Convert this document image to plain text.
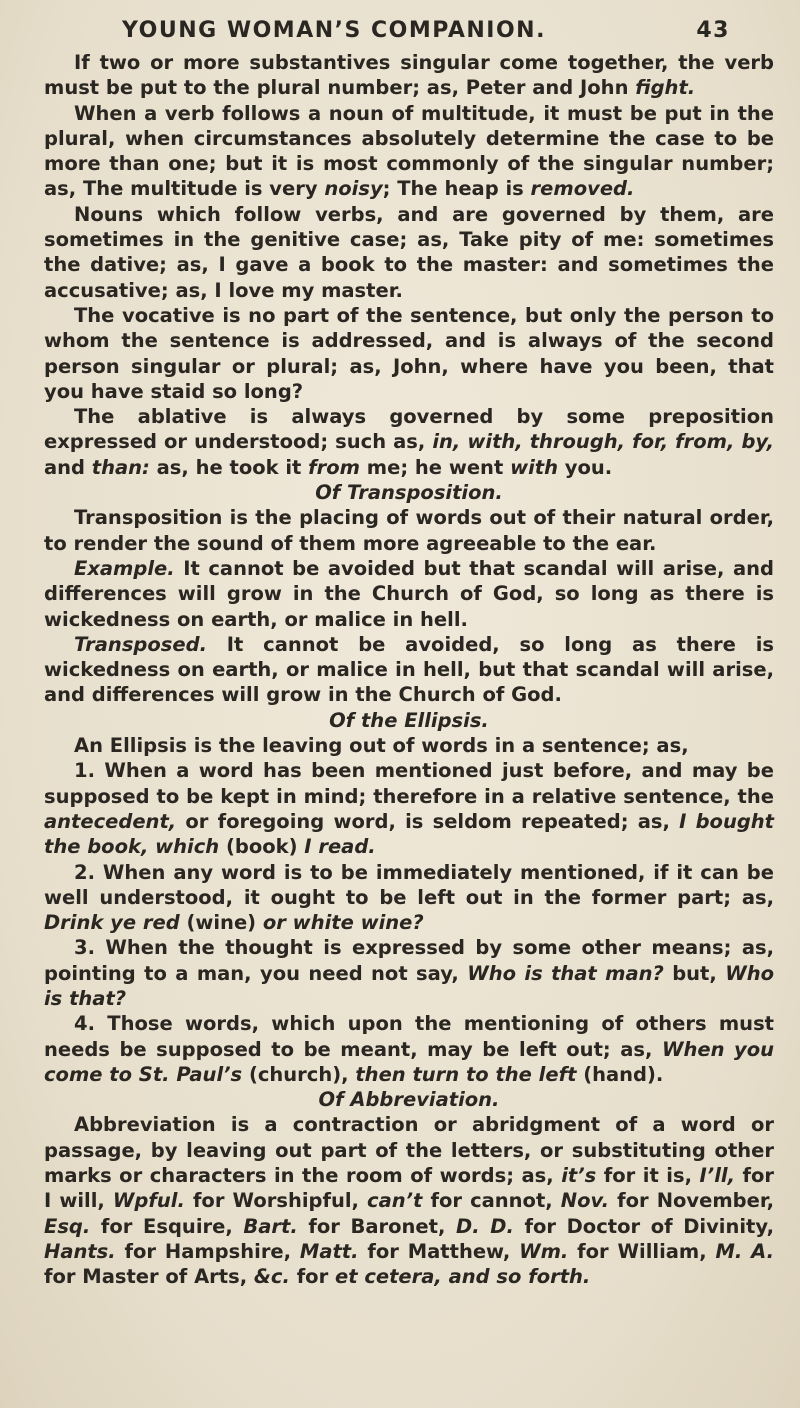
YOUNG WOMAN’S COMPANION.	43

If two or more substantives singular come together, the verb must be put to the plural number; as, Peter and John fight.

When a verb follows a noun of multitude, it must be put in the plural, when circumstances absolutely determine the case to be more than one; but it is most commonly of the singular number; as, The multitude is very noisy; The heap is removed.

Nouns which follow verbs, and are governed by them, are sometimes in the genitive case; as, Take pity of me: sometimes the dative; as, I gave a book to the master: and sometimes the accusative; as, I love my master.

The vocative is no part of the sentence, but only the person to whom the sentence is addressed, and is always of the second person singular or plural; as, John, where have you been, that you have staid so long?

The ablative is always governed by some preposition expressed or understood; such as, in, with, through, for, from, by, and than: as, he took it from me; he went with you.

Of Transposition.

Transposition is the placing of words out of their natural order, to render the sound of them more agreeable to the ear.

Example. It cannot be avoided but that scandal will arise, and differences will grow in the Church of God, so long as there is wickedness on earth, or malice in hell.

Transposed. It cannot be avoided, so long as there is wickedness on earth, or malice in hell, but that scandal will arise, and differences will grow in the Church of God.

Of the Ellipsis.

An Ellipsis is the leaving out of words in a sentence; as,

1. When a word has been mentioned just before, and may be supposed to be kept in mind; therefore in a relative sentence, the antecedent, or foregoing word, is seldom repeated; as, I bought the book, which (book) I read.

2. When any word is to be immediately mentioned, if it can be well understood, it ought to be left out in the former part; as, Drink ye red (wine) or white wine?

3. When the thought is expressed by some other means; as, pointing to a man, you need not say, Who is that man? but, Who is that?

4. Those words, which upon the mentioning of others must needs be supposed to be meant, may be left out; as, When you come to St. Paul’s (church), then turn to the left (hand).

Of Abbreviation.

Abbreviation is a contraction or abridgment of a word or passage, by leaving out part of the letters, or substituting other marks or characters in the room of words; as, it’s for it is, I’ll, for I will, Wpful. for Worshipful, can’t for cannot, Nov. for November, Esq. for Esquire, Bart. for Baronet, D. D. for Doctor of Divinity, Hants. for Hampshire, Matt. for Matthew, Wm. for William, M. A. for Master of Arts, &c. for et cetera, and so forth.
